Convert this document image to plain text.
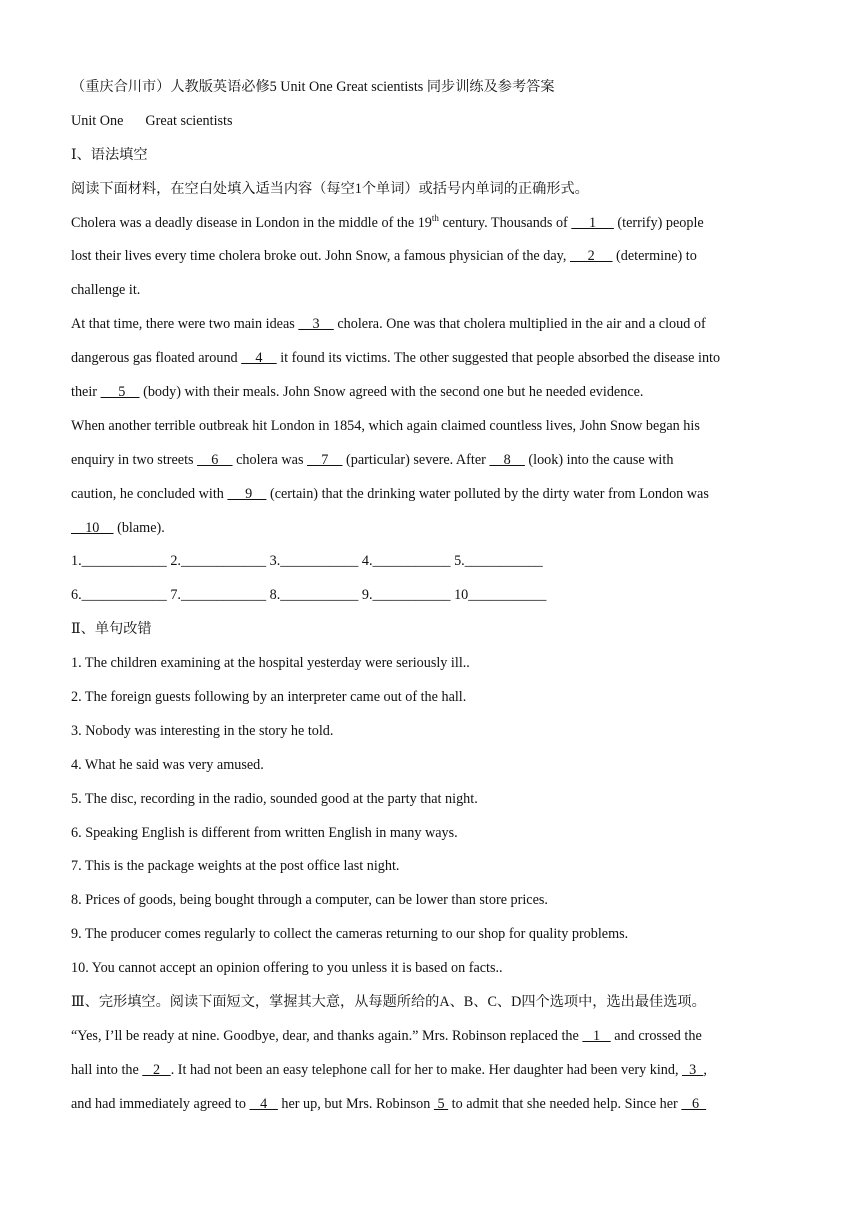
（重庆合川市）人教版英语必修5 Unit One Great scientists 同步训练及参考答案
Unit One Great scientists
Ⅰ、语法填空
阅读下面材料，在空白处填入适当内容（每空1个单词）或括号内单词的正确形式。
Cholera was a deadly disease in London in the middle of the 19th century. Thousands of      1      (terrify) people
lost their lives every time cholera broke out. John Snow, a famous physician of the day,      2      (determine) to
challenge it.
At that time, there were two main ideas     3     cholera. One was that cholera multiplied in the air and a cloud of
dangerous gas floated around     4     it found its victims. The other suggested that people absorbed the disease into
their      5     (body) with their meals. John Snow agreed with the second one but he needed evidence.
When another terrible outbreak hit London in 1854, which again claimed countless lives, John Snow began his
enquiry in two streets     6     cholera was     7     (particular) severe. After     8     (look) into the cause with
caution, he concluded with      9     (certain) that the drinking water polluted by the dirty water from London was
10     (blame).
1.____________ 2.____________ 3.___________ 4.___________ 5.___________
6.____________ 7.____________ 8.___________ 9.___________ 10___________
Ⅱ、单句改错
1. The children examining at the hospital yesterday were seriously ill..
2. The foreign guests following by an interpreter came out of the hall.
3. Nobody was interesting in the story he told.
4. What he said was very amused.
5. The disc, recording in the radio, sounded good at the party that night.
6. Speaking English is different from written English in many ways.
7. This is the package weights at the post office last night.
8. Prices of goods, being bought through a computer, can be lower than store prices.
9. The producer comes regularly to collect the cameras returning to our shop for quality problems.
10. You cannot accept an opinion offering to you unless it is based on facts..
Ⅲ、完形填空。阅读下面短文，掌握其大意，从每题所给的A、B、C、D四个选项中，选出最佳选项。
“Yes, I’ll be ready at nine. Goodbye, dear, and thanks again.” Mrs. Robinson replaced the    1    and crossed the
hall into the    2   . It had not been an easy telephone call for her to make. Her daughter had been very kind,   3  ,
and had immediately agreed to    4    her up, but Mrs. Robinson  5  to admit that she needed help. Since her    6
